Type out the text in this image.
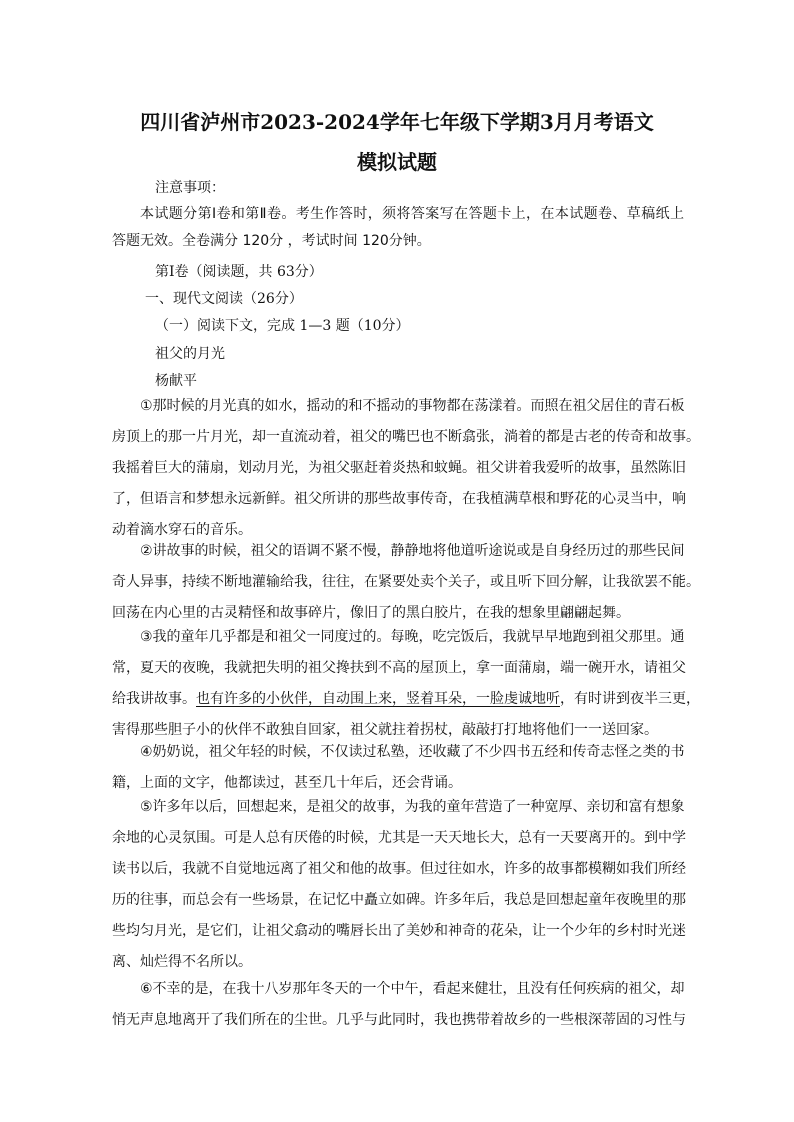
四川省泸州市2023-2024学年七年级下学期3月月考语文
模拟试题
注意事项：
本试题分第Ⅰ卷和第Ⅱ卷。考生作答时，须将答案写在答题卡上，在本试题卷、草稿纸上
答题无效。全卷满分 120分 ，考试时间 120分钟。
第Ⅰ卷（阅读题，共 63分）
一、现代文阅读（26分）
（一）阅读下文，完成 1—3 题（10分）
祖父的月光
杨献平
①那时候的月光真的如水，摇动的和不摇动的事物都在荡漾着。而照在祖父居住的青石板
房顶上的那一片月光，却一直流动着，祖父的嘴巴也不断翕张，淌着的都是古老的传奇和故事。
我摇着巨大的蒲扇，划动月光，为祖父驱赶着炎热和蚊蝇。祖父讲着我爱听的故事，虽然陈旧
了，但语言和梦想永远新鲜。祖父所讲的那些故事传奇，在我植满草根和野花的心灵当中，响
动着滴水穿石的音乐。
②讲故事的时候，祖父的语调不紧不慢，静静地将他道听途说或是自身经历过的那些民间
奇人异事，持续不断地灌输给我，往往，在紧要处卖个关子，或且听下回分解，让我欲罢不能。
回荡在内心里的古灵精怪和故事碎片，像旧了的黑白胶片，在我的想象里翩翩起舞。
③我的童年几乎都是和祖父一同度过的。每晚，吃完饭后，我就早早地跑到祖父那里。通
常，夏天的夜晚，我就把失明的祖父搀扶到不高的屋顶上，拿一面蒲扇，端一碗开水，请祖父
给我讲故事。也有许多的小伙伴，自动围上来，竖着耳朵，一脸虔诚地听，有时讲到夜半三更，
害得那些胆子小的伙伴不敢独自回家，祖父就拄着拐杖，敲敲打打地将他们一一送回家。
④奶奶说，祖父年轻的时候，不仅读过私塾，还收藏了不少四书五经和传奇志怪之类的书
籍，上面的文字，他都读过，甚至几十年后，还会背诵。
⑤许多年以后，回想起来，是祖父的故事，为我的童年营造了一种宽厚、亲切和富有想象
余地的心灵氛围。可是人总有厌倦的时候，尤其是一天天地长大，总有一天要离开的。到中学
读书以后，我就不自觉地远离了祖父和他的故事。但过往如水，许多的故事都模糊如我们所经
历的往事，而总会有一些场景，在记忆中矗立如碑。许多年后，我总是回想起童年夜晚里的那
些均匀月光，是它们，让祖父翕动的嘴唇长出了美妙和神奇的花朵，让一个少年的乡村时光迷
离、灿烂得不名所以。
⑥不幸的是，在我十八岁那年冬天的一个中午，看起来健壮，且没有任何疾病的祖父，却
悄无声息地离开了我们所在的尘世。几乎与此同时，我也携带着故乡的一些根深蒂固的习性与
